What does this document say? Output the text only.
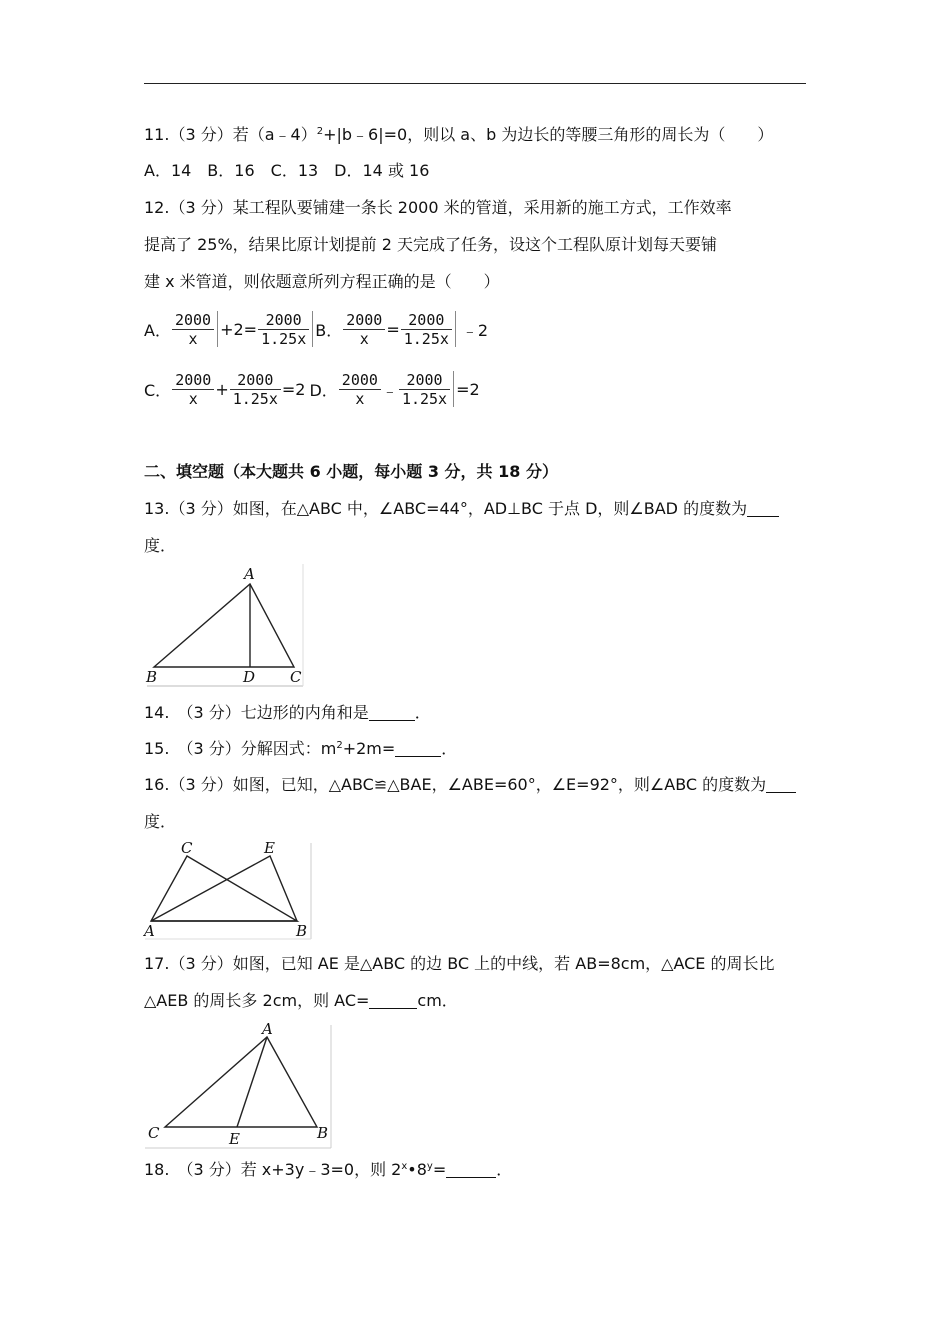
11.（3 分）若（a﹣4）$^2$+|b﹣6|=0，则以 a、b 为边长的等腰三角形的周长为（　　）
A．14　B．16　C．13　D．14 或 16
12.（3 分）某工程队要铺建一条长 2000 米的管道，采用新的施工方式，工作效率
提高了 25%，结果比原计划提前 2 天完成了任务，设这个工程队原计划每天要铺
建 x 米管道，则依题意所列方程正确的是（　　）
A． $\frac{2000}{x} +2= \frac{2000}{1.25x}$ B． $\frac{2000}{x} = \frac{2000}{1.25x}$ ﹣2
C． $\frac{2000}{x} + \frac{2000}{1.25x} =2$ D． $\frac{2000}{x}$ ﹣ $\frac{2000}{1.25x} =2$
二、填空题（本大题共 6 小题，每小题 3 分，共 18 分）
13.（3 分）如图，在△ABC 中，∠ABC=44°，AD⊥BC 于点 D，则∠BAD 的度数为
度．
A
B	D C
14.　（3 分）七边形的内角和是	．
15.　（3 分）分解因式：$m^2+2m=$	．
16.（3 分）如图，已知，△ABC≌△BAE，∠ABE=60°，∠E=92°，则∠ABC 的度数为
度．
C	E
A	B
17.（3 分）如图，已知 AE 是△ABC 的边 BC 上的中线，若 AB=8cm，△ACE 的周长比
△AEB 的周长多 2cm，则 AC=	cm．
A
C	E	B
18.　（3 分）若 x+3y﹣3=0，则 $2^x•8^y=$	．
